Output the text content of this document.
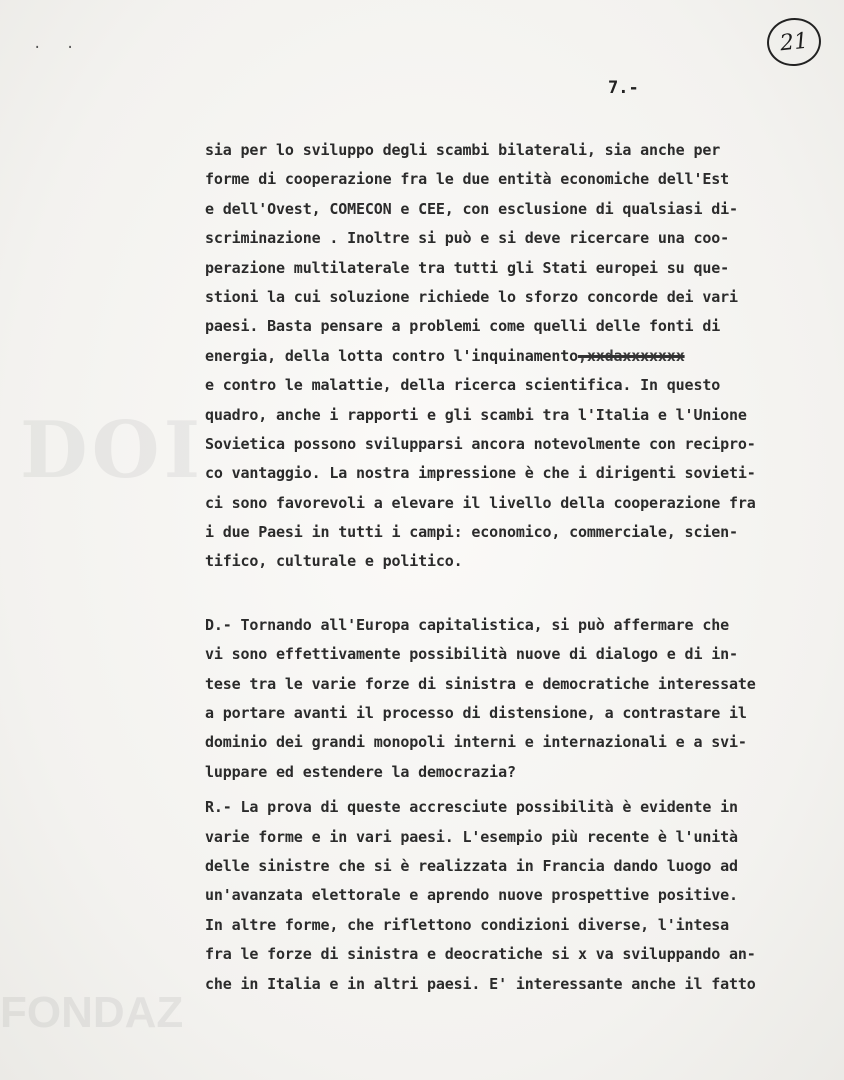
DOI
FONDAZ
. .	21
7.-
sia per lo sviluppo degli scambi bilaterali, sia anche per
forme di cooperazione fra le due entità economiche dell'Est
e dell'Ovest, COMECON e CEE, con esclusione di qualsiasi di-
scriminazione . Inoltre si può e si deve ricercare una coo-
perazione multilaterale tra tutti gli Stati europei su que-
stioni la cui soluzione richiede lo sforzo concorde dei vari
paesi. Basta pensare a problemi come quelli delle fonti di
energia, della lotta contro l'inquinamento,xxdaxxxxxxx
e contro le malattie, della ricerca scientifica. In questo
quadro, anche i rapporti e gli scambi tra l'Italia e l'Unione
Sovietica possono svilupparsi ancora notevolmente con recipro-
co vantaggio. La nostra impressione è che i dirigenti sovieti-
ci sono favorevoli a elevare il livello della cooperazione fra
i due Paesi in tutti i campi: economico, commerciale, scien-
tifico, culturale e politico.
D.- Tornando all'Europa capitalistica, si può affermare che
vi sono effettivamente possibilità nuove di dialogo e di in-
tese tra le varie forze di sinistra e democratiche interessate
a portare avanti il processo di distensione, a contrastare il
dominio dei grandi monopoli interni e internazionali e a svi-
luppare ed estendere la democrazia?
R.- La prova di queste accresciute possibilità è evidente in
varie forme e in vari paesi. L'esempio più recente è l'unità
delle sinistre che si è realizzata in Francia dando luogo ad
un'avanzata elettorale e aprendo nuove prospettive positive.
In altre forme, che riflettono condizioni diverse, l'intesa
fra le forze di sinistra e deocratiche si x va sviluppando an-
che in Italia e in altri paesi. E' interessante anche il fatto
